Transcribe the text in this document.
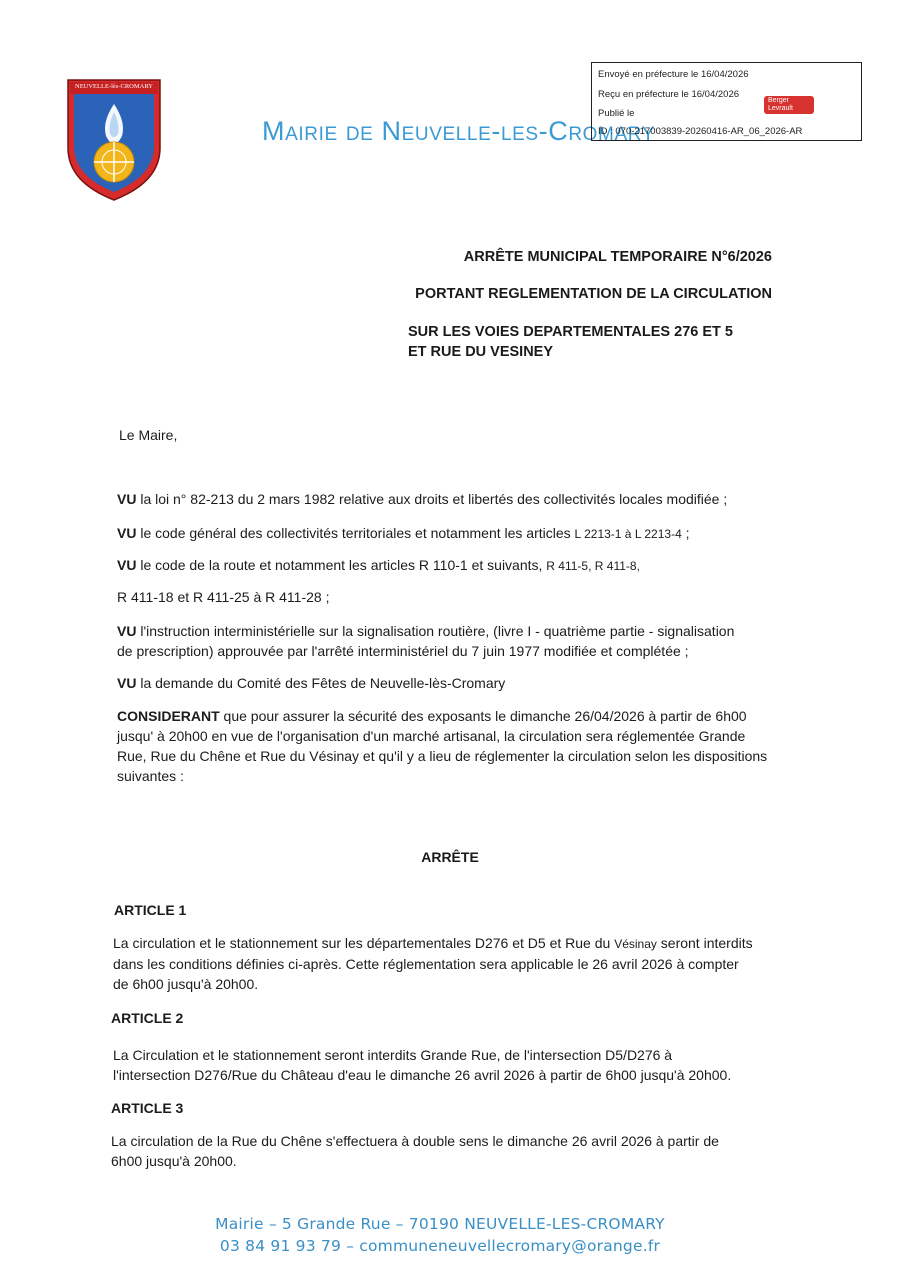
NEUVELLE-lès-CROMARY
Mairie de Neuvelle-les-Cromary
Envoyé en préfecture le 16/04/2026
Reçu en préfecture le 16/04/2026
Publié le
ID : 070-217003839-20260416-AR_06_2026-AR
Berger Levrault
ARRÊTE MUNICIPAL TEMPORAIRE N°6/2026
PORTANT REGLEMENTATION DE LA CIRCULATION
SUR LES VOIES DEPARTEMENTALES 276 ET 5
ET RUE DU VESINEY
Le Maire,
VU la loi n° 82-213 du 2 mars 1982 relative aux droits et libertés des collectivités locales modifiée ;
VU le code général des collectivités territoriales et notamment les articles L 2213-1 à L 2213-4 ;
VU le code de la route et notamment les articles R 110-1 et suivants, R 411-5, R 411-8,
R 411-18 et R 411-25 à R 411-28 ;
VU l'instruction interministérielle sur la signalisation routière, (livre I - quatrième partie - signalisation
de prescription) approuvée par l'arrêté interministériel du 7 juin 1977 modifiée et complétée ;
VU la demande du Comité des Fêtes de Neuvelle-lès-Cromary
CONSIDERANT que pour assurer la sécurité des exposants le dimanche 26/04/2026 à partir de 6h00
jusqu' à 20h00 en vue de l'organisation d'un marché artisanal, la circulation sera réglementée Grande
Rue, Rue du Chêne et Rue du Vésinay et qu'il y a lieu de réglementer la circulation selon les dispositions
suivantes :
ARRÊTE
ARTICLE 1
La circulation et le stationnement sur les départementales D276 et D5 et Rue du Vésinay seront interdits
dans les conditions définies ci-après. Cette réglementation sera applicable le 26 avril 2026 à compter
de 6h00 jusqu'à 20h00.
ARTICLE 2
La Circulation et le stationnement seront interdits Grande Rue, de l'intersection D5/D276 à
l'intersection D276/Rue du Château d'eau le dimanche 26 avril 2026 à partir de 6h00 jusqu'à 20h00.
ARTICLE 3
La circulation de la Rue du Chêne s'effectuera à double sens le dimanche 26 avril 2026 à partir de
6h00 jusqu'à 20h00.
Mairie – 5 Grande Rue – 70190 NEUVELLE-LES-CROMARY
03 84 91 93 79 – communeneuvellecromary@orange.fr
